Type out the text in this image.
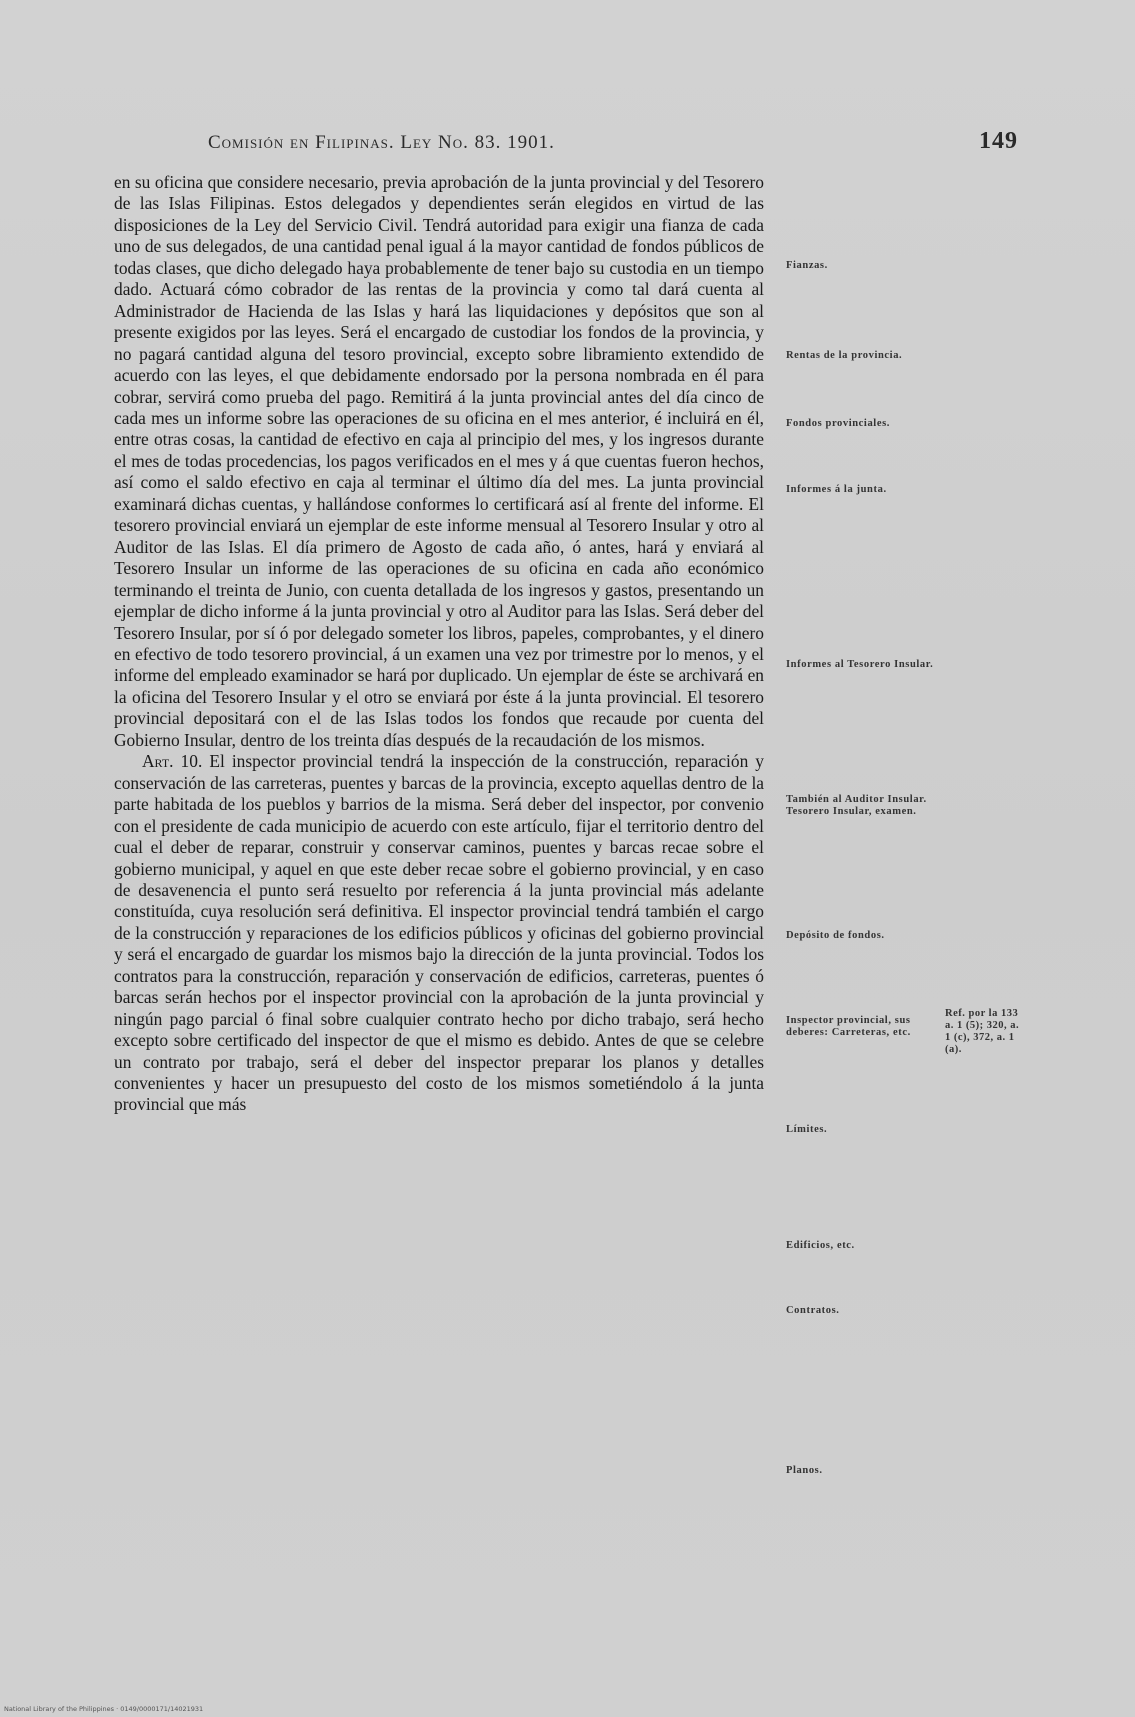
Comisión en Filipinas. Ley No. 83. 1901.	149

en su oficina que considere necesario, previa aprobación de la junta provincial y del Tesorero de las Islas Filipinas. Estos delegados y dependientes serán elegidos en virtud de las disposiciones de la Ley del Servicio Civil. Tendrá autoridad para exigir una fianza de cada uno de sus delegados, de una cantidad penal igual á la mayor cantidad de fondos públicos de todas clases, que dicho delegado haya probablemente de tener bajo su custodia en un tiempo dado. Actuará cómo cobrador de las rentas de la provincia y como tal dará cuenta al Administrador de Hacienda de las Islas y hará las liquidaciones y depósitos que son al presente exigidos por las leyes. Será el encargado de custodiar los fondos de la provincia, y no pagará cantidad alguna del tesoro provincial, excepto sobre libramiento extendido de acuerdo con las leyes, el que debidamente endorsado por la persona nombrada en él para cobrar, servirá como prueba del pago. Remitirá á la junta provincial antes del día cinco de cada mes un informe sobre las operaciones de su oficina en el mes anterior, é incluirá en él, entre otras cosas, la cantidad de efectivo en caja al principio del mes, y los ingresos durante el mes de todas procedencias, los pagos verificados en el mes y á que cuentas fueron hechos, así como el saldo efectivo en caja al terminar el último día del mes. La junta provincial examinará dichas cuentas, y hallándose conformes lo certificará así al frente del informe. El tesorero provincial enviará un ejemplar de este informe mensual al Tesorero Insular y otro al Auditor de las Islas. El día primero de Agosto de cada año, ó antes, hará y enviará al Tesorero Insular un informe de las operaciones de su oficina en cada año económico terminando el treinta de Junio, con cuenta detallada de los ingresos y gastos, presentando un ejemplar de dicho informe á la junta provincial y otro al Auditor para las Islas. Será deber del Tesorero Insular, por sí ó por delegado someter los libros, papeles, comprobantes, y el dinero en efectivo de todo tesorero provincial, á un examen una vez por trimestre por lo menos, y el informe del empleado examinador se hará por duplicado. Un ejemplar de éste se archivará en la oficina del Tesorero Insular y el otro se enviará por éste á la junta provincial. El tesorero provincial depositará con el de las Islas todos los fondos que recaude por cuenta del Gobierno Insular, dentro de los treinta días después de la recaudación de los mismos.

Art. 10. El inspector provincial tendrá la inspección de la construcción, reparación y conservación de las carreteras, puentes y barcas de la provincia, excepto aquellas dentro de la parte habitada de los pueblos y barrios de la misma. Será deber del inspector, por convenio con el presidente de cada municipio de acuerdo con este artículo, fijar el territorio dentro del cual el deber de reparar, construir y conservar caminos, puentes y barcas recae sobre el gobierno municipal, y aquel en que este deber recae sobre el gobierno provincial, y en caso de desavenencia el punto será resuelto por referencia á la junta provincial más adelante constituída, cuya resolución será definitiva. El inspector provincial tendrá también el cargo de la construcción y reparaciones de los edificios públicos y oficinas del gobierno provincial y será el encargado de guardar los mismos bajo la dirección de la junta provincial. Todos los contratos para la construcción, reparación y conservación de edificios, carreteras, puentes ó barcas serán hechos por el inspector provincial con la aprobación de la junta provincial y ningún pago parcial ó final sobre cualquier contrato hecho por dicho trabajo, será hecho excepto sobre certificado del inspector de que el mismo es debido. Antes de que se celebre un contrato por trabajo, será el deber del inspector preparar los planos y detalles convenientes y hacer un presupuesto del costo de los mismos sometiéndolo á la junta provincial que más

Fianzas.
Rentas de la provincia.
Fondos provinciales.
Informes á la junta.
Informes al Tesorero Insular.
También al Auditor Insular. Tesorero Insular, examen.
Depósito de fondos.
Inspector provincial, sus deberes: Carreteras, etc.
Límites.
Edificios, etc.
Contratos.
Planos.
Ref. por la 133 a. 1 (5); 320, a. 1 (c), 372, a. 1 (a).
National Library of the Philippines · 0149/0000171/14021931
